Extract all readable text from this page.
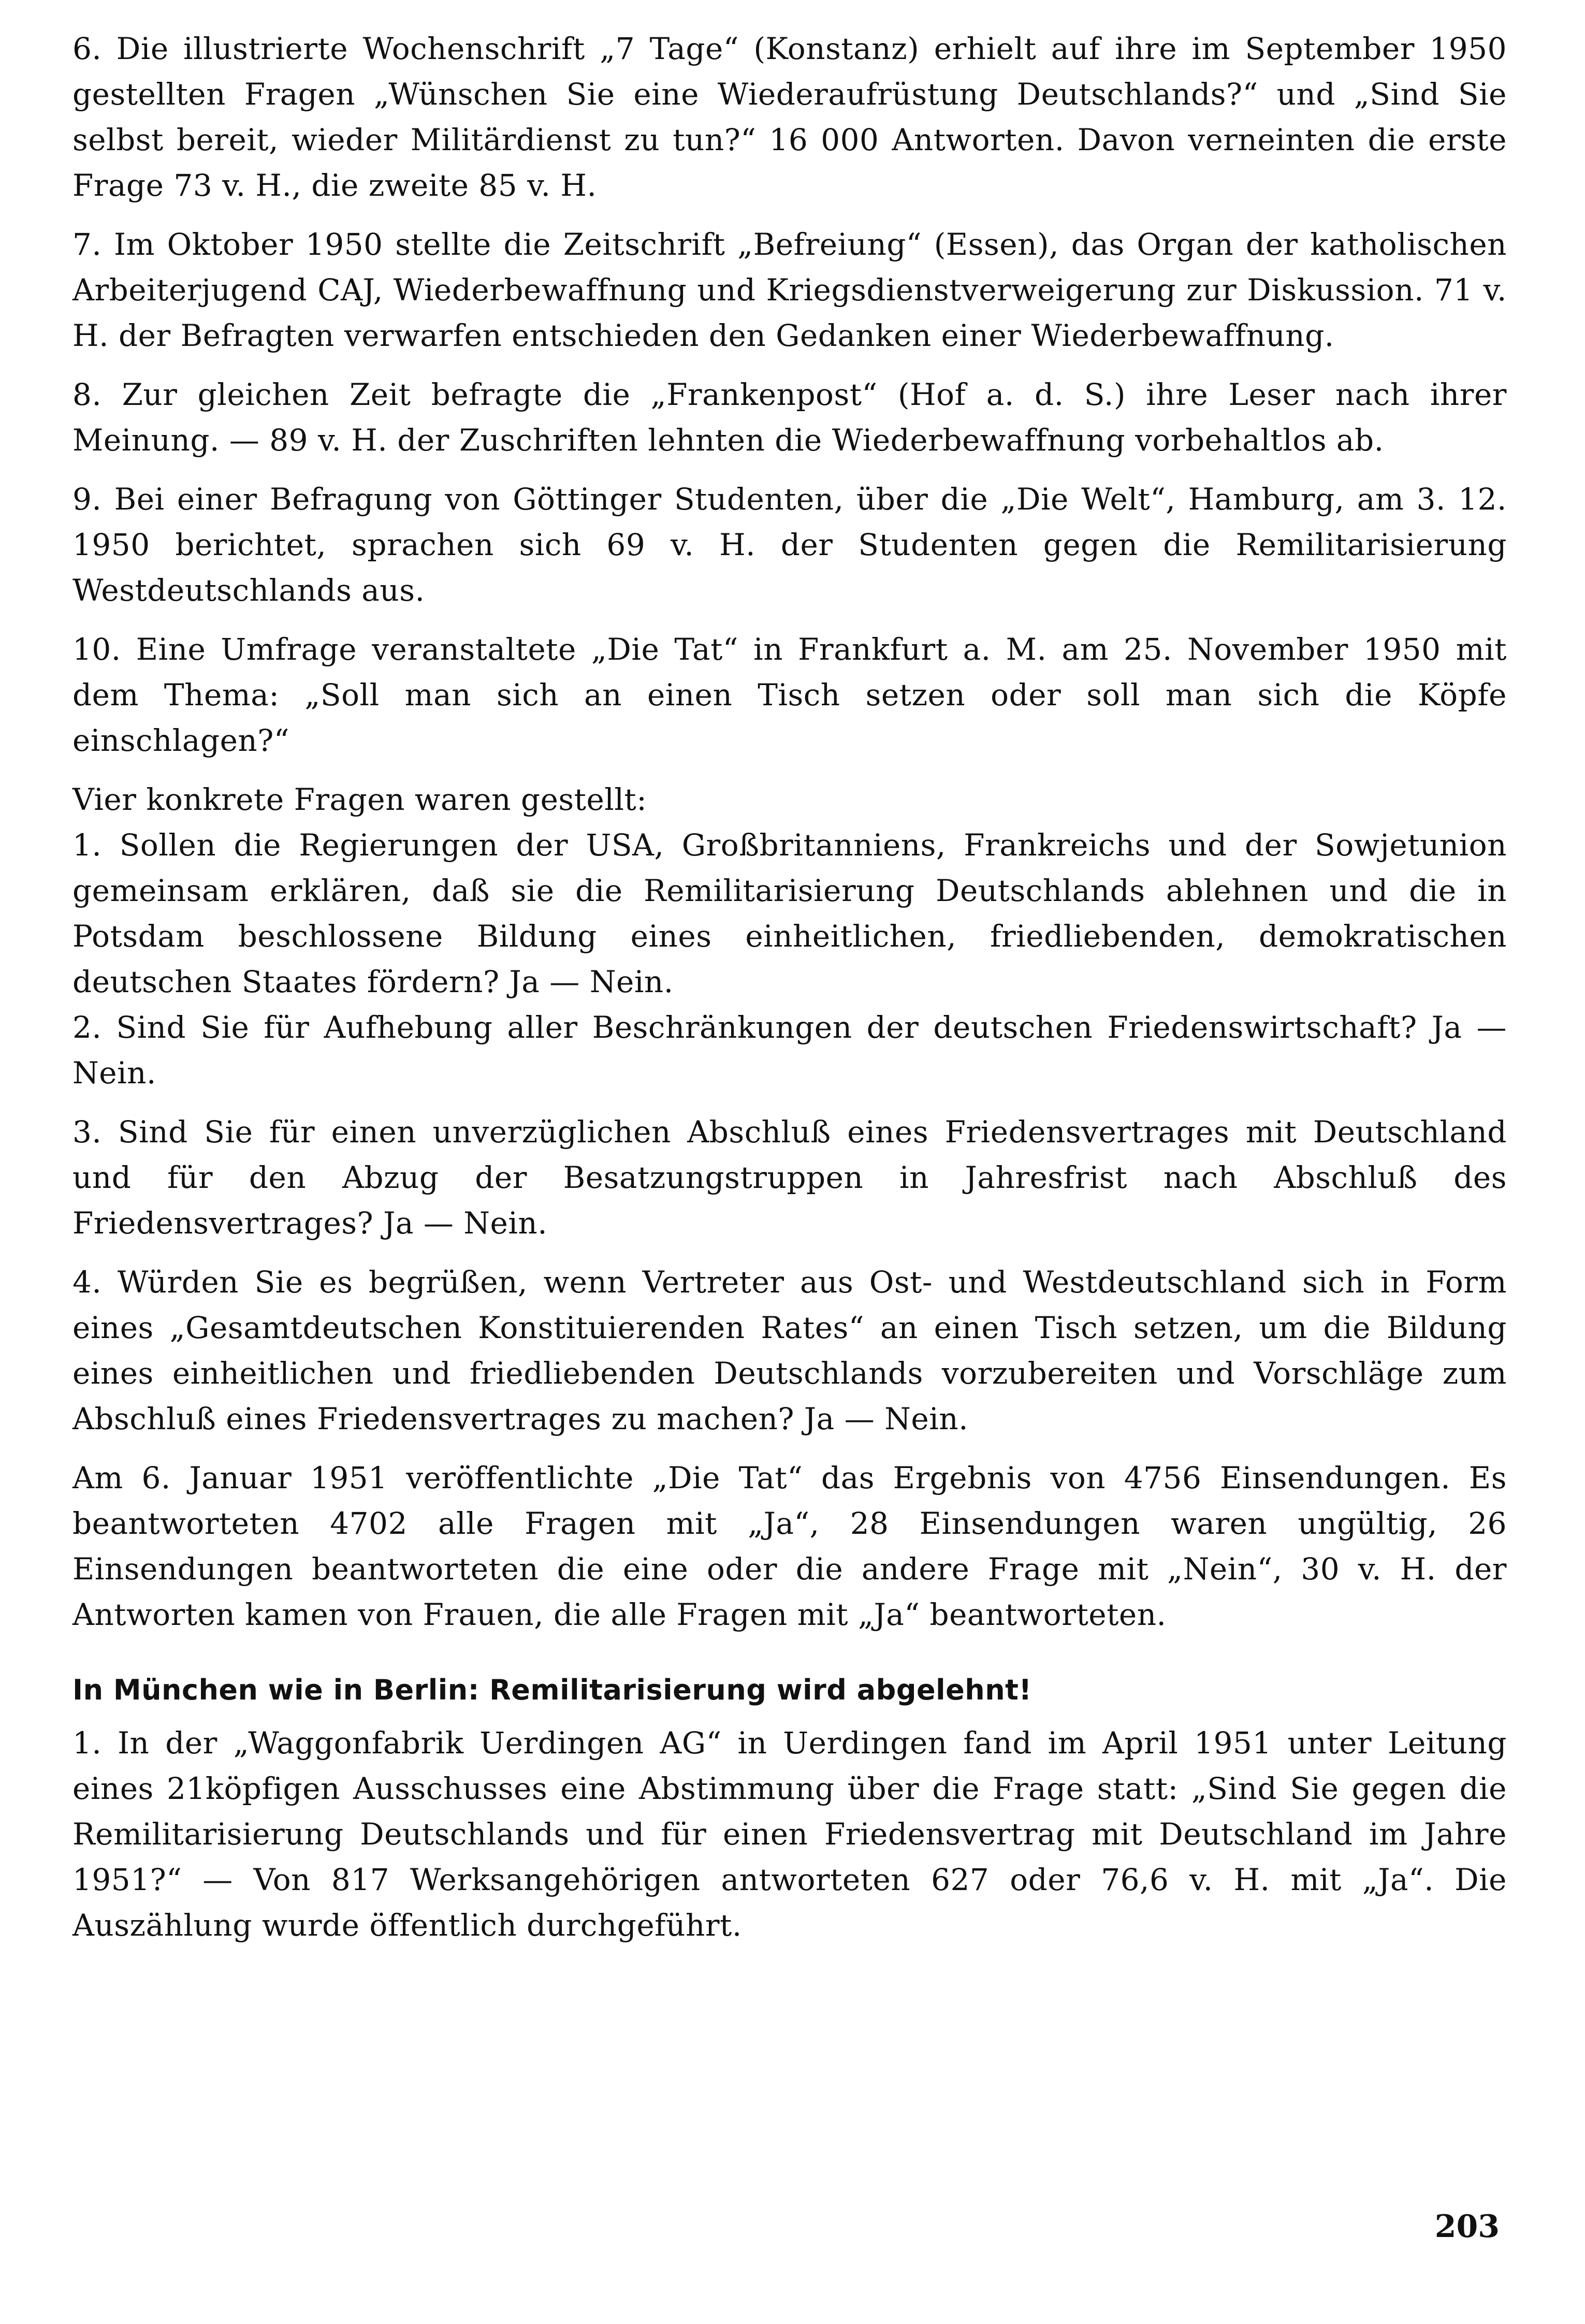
6. Die illustrierte Wochenschrift „7 Tage“ (Konstanz) erhielt auf ihre im September 1950 gestellten Fragen „Wünschen Sie eine Wiederaufrüstung Deutschlands?“ und „Sind Sie selbst bereit, wieder Militärdienst zu tun?“ 16 000 Antworten. Davon verneinten die erste Frage 73 v. H., die zweite 85 v. H.

7. Im Oktober 1950 stellte die Zeitschrift „Befreiung“ (Essen), das Organ der katholischen Arbeiterjugend CAJ, Wiederbewaffnung und Kriegsdienstverweigerung zur Diskussion. 71 v. H. der Befragten verwarfen entschieden den Gedanken einer Wiederbewaffnung.

8. Zur gleichen Zeit befragte die „Frankenpost“ (Hof a. d. S.) ihre Leser nach ihrer Meinung. — 89 v. H. der Zuschriften lehnten die Wiederbewaffnung vorbehaltlos ab.

9. Bei einer Befragung von Göttinger Studenten, über die „Die Welt“, Hamburg, am 3. 12. 1950 berichtet, sprachen sich 69 v. H. der Studenten gegen die Remilitarisierung Westdeutschlands aus.

10. Eine Umfrage veranstaltete „Die Tat“ in Frankfurt a. M. am 25. November 1950 mit dem Thema: „Soll man sich an einen Tisch setzen oder soll man sich die Köpfe einschlagen?“

Vier konkrete Fragen waren gestellt:

1. Sollen die Regierungen der USA, Großbritanniens, Frankreichs und der Sowjetunion gemeinsam erklären, daß sie die Remilitarisierung Deutschlands ablehnen und die in Potsdam beschlossene Bildung eines einheitlichen, friedliebenden, demokratischen deutschen Staates fördern? Ja — Nein.

2. Sind Sie für Aufhebung aller Beschränkungen der deutschen Friedenswirtschaft? Ja — Nein.

3. Sind Sie für einen unverzüglichen Abschluß eines Friedensvertrages mit Deutschland und für den Abzug der Besatzungstruppen in Jahresfrist nach Abschluß des Friedensvertrages? Ja — Nein.

4. Würden Sie es begrüßen, wenn Vertreter aus Ost- und Westdeutschland sich in Form eines „Gesamtdeutschen Konstituierenden Rates“ an einen Tisch setzen, um die Bildung eines einheitlichen und friedliebenden Deutschlands vorzubereiten und Vorschläge zum Abschluß eines Friedensvertrages zu machen? Ja — Nein.

Am 6. Januar 1951 veröffentlichte „Die Tat“ das Ergebnis von 4756 Einsendungen. Es beantworteten 4702 alle Fragen mit „Ja“, 28 Einsendungen waren ungültig, 26 Einsendungen beantworteten die eine oder die andere Frage mit „Nein“, 30 v. H. der Antworten kamen von Frauen, die alle Fragen mit „Ja“ beantworteten.

In München wie in Berlin: Remilitarisierung wird abgelehnt!

1. In der „Waggonfabrik Uerdingen AG“ in Uerdingen fand im April 1951 unter Leitung eines 21köpfigen Ausschusses eine Abstimmung über die Frage statt: „Sind Sie gegen die Remilitarisierung Deutschlands und für einen Friedensvertrag mit Deutschland im Jahre 1951?“ — Von 817 Werksangehörigen antworteten 627 oder 76,6 v. H. mit „Ja“. Die Auszählung wurde öffentlich durchgeführt.

203
